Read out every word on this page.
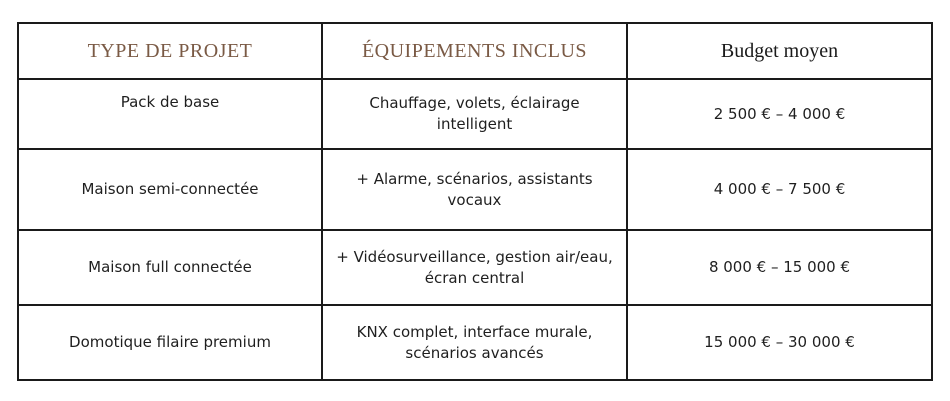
TYPE DE PROJET	ÉQUIPEMENTS INCLUS	Budget moyen
Pack de base	Chauffage, volets, éclairage intelligent	2 500 € – 4 000 €
Maison semi-connectée	+ Alarme, scénarios, assistants vocaux	4 000 € – 7 500 €
Maison full connectée	+ Vidéosurveillance, gestion air/eau, écran central	8 000 € – 15 000 €
Domotique filaire premium	KNX complet, interface murale, scénarios avancés	15 000 € – 30 000 €
